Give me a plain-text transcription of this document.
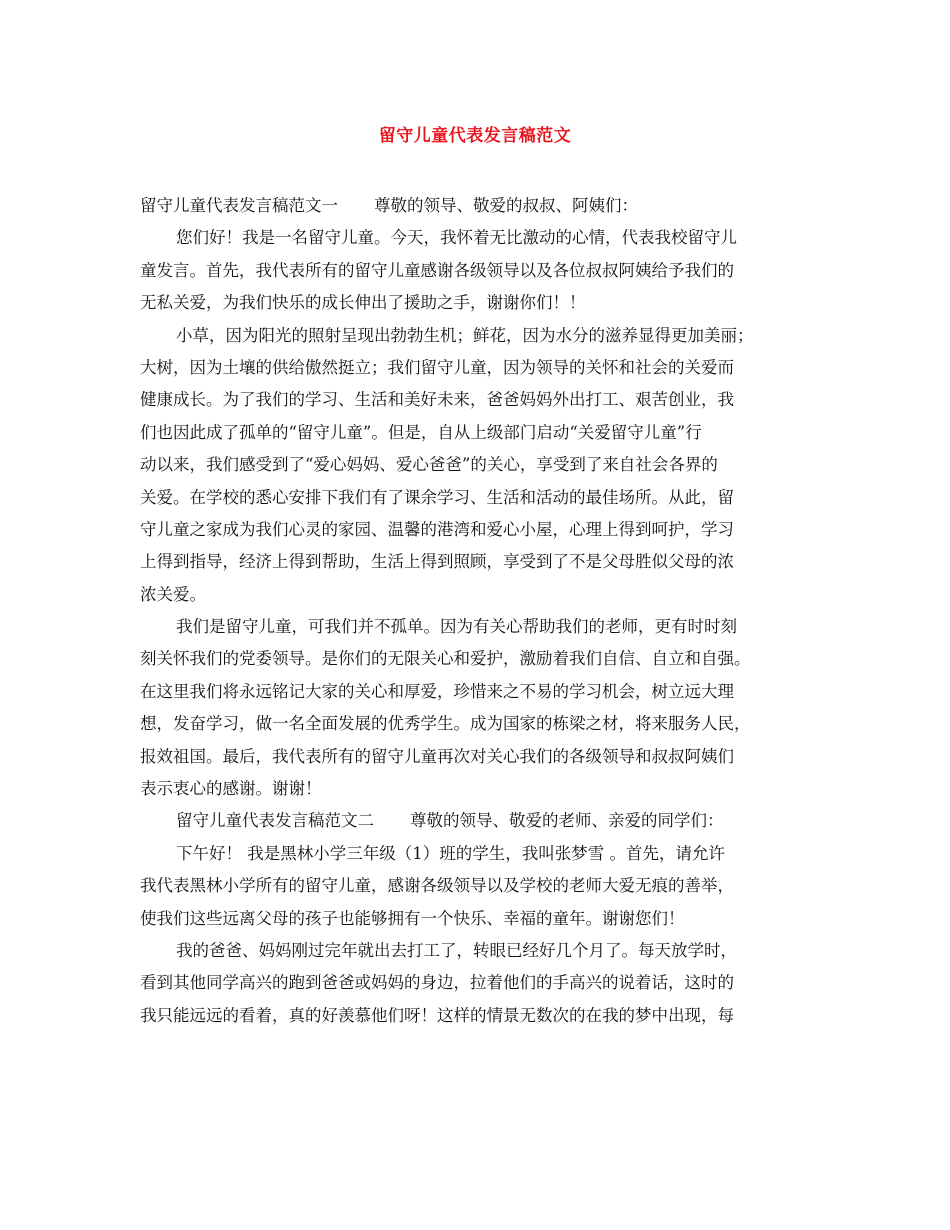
留守儿童代表发言稿范文
留守儿童代表发言稿范文一 尊敬的领导、敬爱的叔叔、阿姨们：
您们好！我是一名留守儿童。今天，我怀着无比激动的心情，代表我校留守儿
童发言。首先，我代表所有的留守儿童感谢各级领导以及各位叔叔阿姨给予我们的
无私关爱，为我们快乐的成长伸出了援助之手，谢谢你们！！
小草，因为阳光的照射呈现出勃勃生机；鲜花，因为水分的滋养显得更加美丽；
大树，因为土壤的供给傲然挺立；我们留守儿童，因为领导的关怀和社会的关爱而
健康成长。为了我们的学习、生活和美好未来，爸爸妈妈外出打工、艰苦创业，我
们也因此成了孤单的“留守儿童”。但是，自从上级部门启动“关爱留守儿童”行
动以来，我们感受到了“爱心妈妈、爱心爸爸”的关心，享受到了来自社会各界的
关爱。在学校的悉心安排下我们有了课余学习、生活和活动的最佳场所。从此，留
守儿童之家成为我们心灵的家园、温馨的港湾和爱心小屋，心理上得到呵护，学习
上得到指导，经济上得到帮助，生活上得到照顾，享受到了不是父母胜似父母的浓
浓关爱。
我们是留守儿童，可我们并不孤单。因为有关心帮助我们的老师，更有时时刻
刻关怀我们的党委领导。是你们的无限关心和爱护，激励着我们自信、自立和自强。
在这里我们将永远铭记大家的关心和厚爱，珍惜来之不易的学习机会，树立远大理
想，发奋学习，做一名全面发展的优秀学生。成为国家的栋梁之材，将来服务人民，
报效祖国。最后，我代表所有的留守儿童再次对关心我们的各级领导和叔叔阿姨们
表示衷心的感谢。谢谢！
留守儿童代表发言稿范文二 尊敬的领导、敬爱的老师、亲爱的同学们：
下午好！ 我是黑林小学三年级（1）班的学生，我叫张梦雪 。首先，请允许
我代表黑林小学所有的留守儿童，感谢各级领导以及学校的老师大爱无痕的善举，
使我们这些远离父母的孩子也能够拥有一个快乐、幸福的童年。谢谢您们！
我的爸爸、妈妈刚过完年就出去打工了，转眼已经好几个月了。每天放学时，
看到其他同学高兴的跑到爸爸或妈妈的身边，拉着他们的手高兴的说着话，这时的
我只能远远的看着，真的好羡慕他们呀！这样的情景无数次的在我的梦中出现，每
